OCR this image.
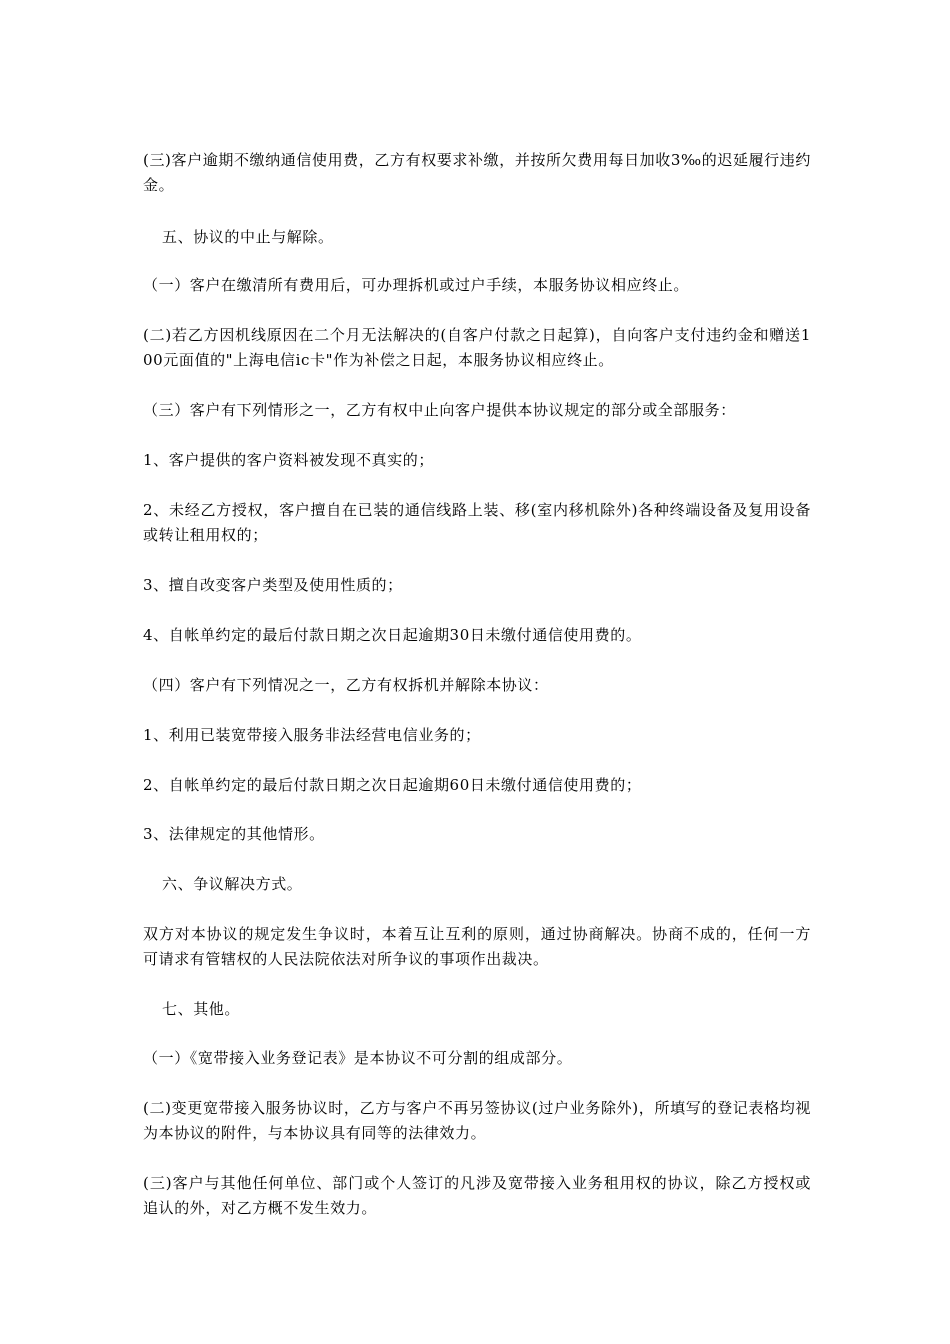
(三)客户逾期不缴纳通信使用费，乙方有权要求补缴，并按所欠费用每日加收3‰的迟延履行违约金。

五、协议的中止与解除。

（一）客户在缴清所有费用后，可办理拆机或过户手续，本服务协议相应终止。

(二)若乙方因机线原因在二个月无法解决的(自客户付款之日起算)，自向客户支付违约金和赠送100元面值的"上海电信ic卡"作为补偿之日起，本服务协议相应终止。

（三）客户有下列情形之一，乙方有权中止向客户提供本协议规定的部分或全部服务：

1、客户提供的客户资料被发现不真实的；

2、未经乙方授权，客户擅自在已装的通信线路上装、移(室内移机除外)各种终端设备及复用设备或转让租用权的；

3、擅自改变客户类型及使用性质的；

4、自帐单约定的最后付款日期之次日起逾期30日未缴付通信使用费的。

（四）客户有下列情况之一，乙方有权拆机并解除本协议：

1、利用已装宽带接入服务非法经营电信业务的；

2、自帐单约定的最后付款日期之次日起逾期60日未缴付通信使用费的；

3、法律规定的其他情形。

六、争议解决方式。

双方对本协议的规定发生争议时，本着互让互利的原则，通过协商解决。协商不成的，任何一方可请求有管辖权的人民法院依法对所争议的事项作出裁决。

七、其他。

（一）《宽带接入业务登记表》是本协议不可分割的组成部分。

(二)变更宽带接入服务协议时，乙方与客户不再另签协议(过户业务除外)，所填写的登记表格均视为本协议的附件，与本协议具有同等的法律效力。

(三)客户与其他任何单位、部门或个人签订的凡涉及宽带接入业务租用权的协议，除乙方授权或追认的外，对乙方概不发生效力。
